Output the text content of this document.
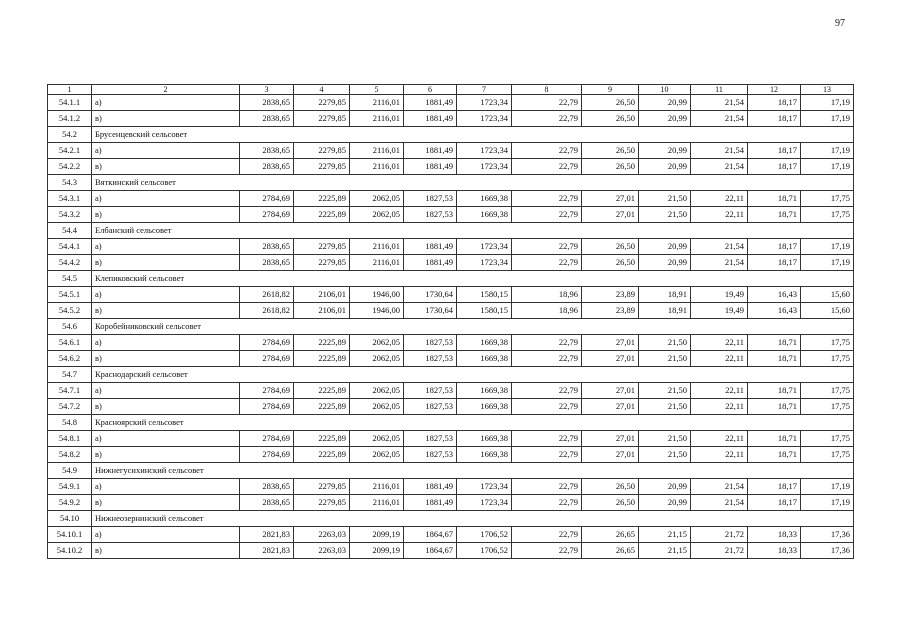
97
1	2	3	4	5	6	7	8	9	10	11	12	13
54.1.1	а)	2838,65	2279,85	2116,01	1881,49	1723,34	22,79	26,50	20,99	21,54	18,17	17,19
54.1.2	в)	2838,65	2279,85	2116,01	1881,49	1723,34	22,79	26,50	20,99	21,54	18,17	17,19
54.2	Брусенцевский сельсовет											
54.2.1	а)	2838,65	2279,85	2116,01	1881,49	1723,34	22,79	26,50	20,99	21,54	18,17	17,19
54.2.2	в)	2838,65	2279,85	2116,01	1881,49	1723,34	22,79	26,50	20,99	21,54	18,17	17,19
54.3	Вяткинский сельсовет											
54.3.1	а)	2784,69	2225,89	2062,05	1827,53	1669,38	22,79	27,01	21,50	22,11	18,71	17,75
54.3.2	в)	2784,69	2225,89	2062,05	1827,53	1669,38	22,79	27,01	21,50	22,11	18,71	17,75
54.4	Елбанский сельсовет											
54.4.1	а)	2838,65	2279,85	2116,01	1881,49	1723,34	22,79	26,50	20,99	21,54	18,17	17,19
54.4.2	в)	2838,65	2279,85	2116,01	1881,49	1723,34	22,79	26,50	20,99	21,54	18,17	17,19
54.5	Клепиковский сельсовет											
54.5.1	а)	2618,82	2106,01	1946,00	1730,64	1580,15	18,96	23,89	18,91	19,49	16,43	15,60
54.5.2	в)	2618,82	2106,01	1946,00	1730,64	1580,15	18,96	23,89	18,91	19,49	16,43	15,60
54.6	Коробейниковский сельсовет											
54.6.1	а)	2784,69	2225,89	2062,05	1827,53	1669,38	22,79	27,01	21,50	22,11	18,71	17,75
54.6.2	в)	2784,69	2225,89	2062,05	1827,53	1669,38	22,79	27,01	21,50	22,11	18,71	17,75
54.7	Краснодарский сельсовет											
54.7.1	а)	2784,69	2225,89	2062,05	1827,53	1669,38	22,79	27,01	21,50	22,11	18,71	17,75
54.7.2	в)	2784,69	2225,89	2062,05	1827,53	1669,38	22,79	27,01	21,50	22,11	18,71	17,75
54.8	Красноярский сельсовет											
54.8.1	а)	2784,69	2225,89	2062,05	1827,53	1669,38	22,79	27,01	21,50	22,11	18,71	17,75
54.8.2	в)	2784,69	2225,89	2062,05	1827,53	1669,38	22,79	27,01	21,50	22,11	18,71	17,75
54.9	Нижнегусихинский сельсовет											
54.9.1	а)	2838,65	2279,85	2116,01	1881,49	1723,34	22,79	26,50	20,99	21,54	18,17	17,19
54.9.2	в)	2838,65	2279,85	2116,01	1881,49	1723,34	22,79	26,50	20,99	21,54	18,17	17,19
54.10	Нижнеозернинский сельсовет											
54.10.1	а)	2821,83	2263,03	2099,19	1864,67	1706,52	22,79	26,65	21,15	21,72	18,33	17,36
54.10.2	в)	2821,83	2263,03	2099,19	1864,67	1706,52	22,79	26,65	21,15	21,72	18,33	17,36
